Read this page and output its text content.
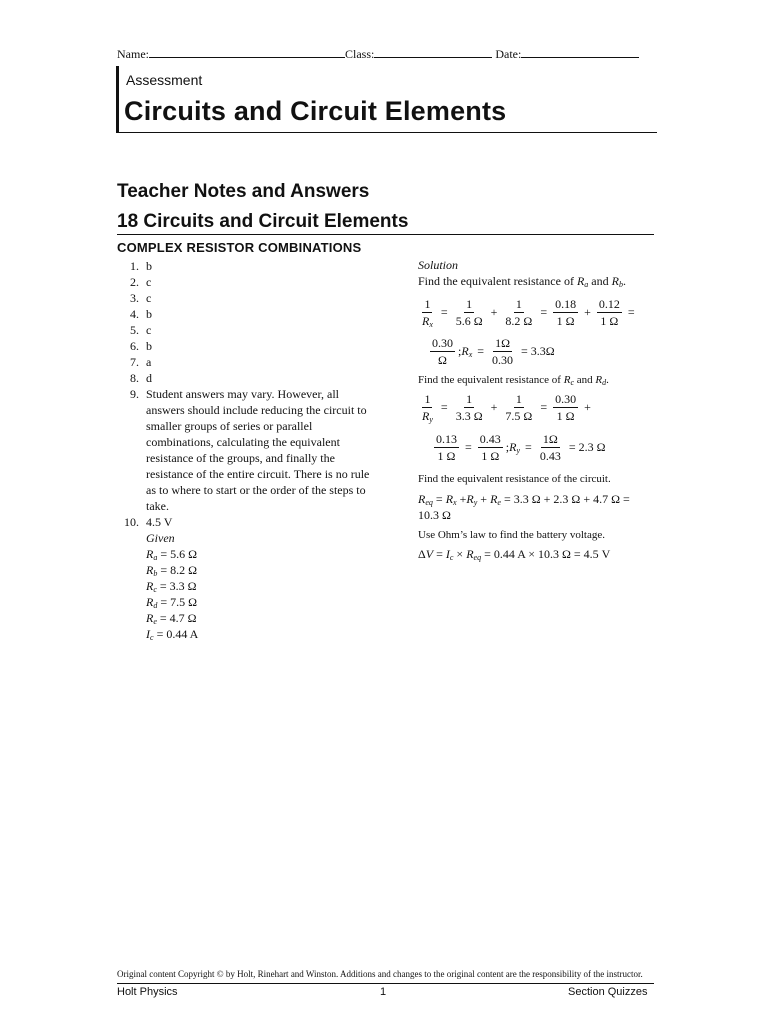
Name:	Class:	Date:
Assessment
Circuits and Circuit Elements
Teacher Notes and Answers
18 Circuits and Circuit Elements
COMPLEX RESISTOR COMBINATIONS
1. b
2. c
3. c
4. b
5. c
6. b
7. a
8. d
9. Student answers may vary. However, all answers should include reducing the circuit to smaller groups of series or parallel combinations, calculating the equivalent resistance of the groups, and finally the resistance of the entire circuit. There is no rule as to where to start or the order of the steps to take.
10. 4.5 V
Given
$R_a = 5.6$ Ω
$R_b = 8.2$ Ω
$R_c = 3.3$ Ω
$R_d = 7.5$ Ω
$R_e = 4.7$ Ω
$I_c = 0.44$ A
Solution
Find the equivalent resistance of $R_a$ and $R_b$.
$\frac{1}{R_x} = \frac{1}{5.6 \Omega} + \frac{1}{8.2 \Omega} = \frac{0.18}{1 \Omega} + \frac{0.12}{1 \Omega}$ =
$\frac{0.30}{\Omega}$ $;R_x = \frac{1\Omega}{0.30} = 3.3\Omega$
Find the equivalent resistance of $R_c$ and $R_d$.
$\frac{1}{R_y} = \frac{1}{3.3 \Omega} + \frac{1}{7.5 \Omega} = \frac{0.30}{1 \Omega}$ +
$\frac{0.13}{1 \Omega} = \frac{0.43}{1 \Omega}$ $;R_y = \frac{1\Omega}{0.43} = 2.3$ Ω
Find the equivalent resistance of the circuit.
$R_{eq} = R_x +R_y + R_e = 3.3$ Ω + 2.3 Ω + 4.7 Ω =
10.3 Ω
Use Ohm’s law to find the battery voltage.
$\Delta V = I_c \times R_{eq} = 0.44$ A × 10.3 Ω = 4.5 V
Original content Copyright © by Holt, Rinehart and Winston. Additions and changes to the original content are the responsibility of the instructor.
Holt Physics	1	Section Quizzes
